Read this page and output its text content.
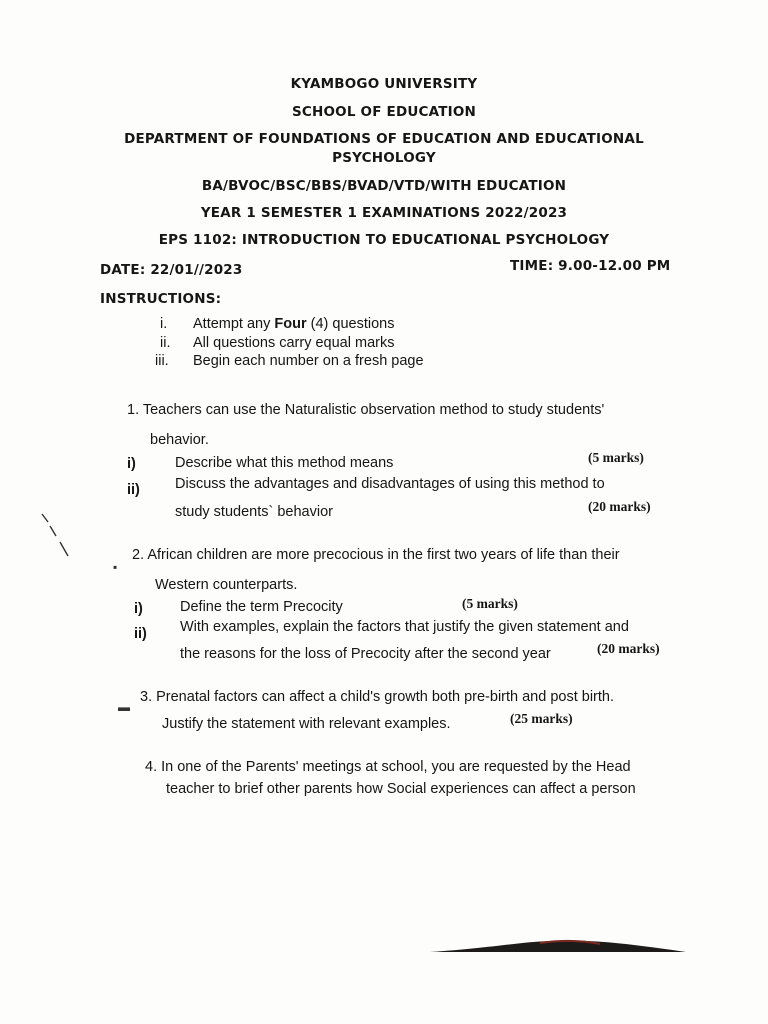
KYAMBOGO UNIVERSITY
SCHOOL OF EDUCATION
DEPARTMENT OF FOUNDATIONS OF EDUCATION AND EDUCATIONAL
PSYCHOLOGY
BA/BVOC/BSC/BBS/BVAD/VTD/WITH EDUCATION
YEAR 1 SEMESTER 1 EXAMINATIONS 2022/2023
EPS 1102: INTRODUCTION TO EDUCATIONAL PSYCHOLOGY
DATE: 22/01//2023	TIME: 9.00-12.00 PM
INSTRUCTIONS:
i. Attempt any Four (4) questions
ii. All questions carry equal marks
iii. Begin each number on a fresh page
1. Teachers can use the Naturalistic observation method to study students'
behavior.
i)	Describe what this method means	(5 marks)
ii) Discuss the advantages and disadvantages of using this method to
study students` behavior	(20 marks)
2. African children are more precocious in the first two years of life than their
Western counterparts.
i)	Define the term Precocity	(5 marks)
ii) With examples, explain the factors that justify the given statement and
the reasons for the loss of Precocity after the second year	(20 marks)
3. Prenatal factors can affect a child's growth both pre-birth and post birth.
Justify the statement with relevant examples.	(25 marks)
4. In one of the Parents' meetings at school, you are requested by the Head
teacher to brief other parents how Social experiences can affect a person
▪
▬
